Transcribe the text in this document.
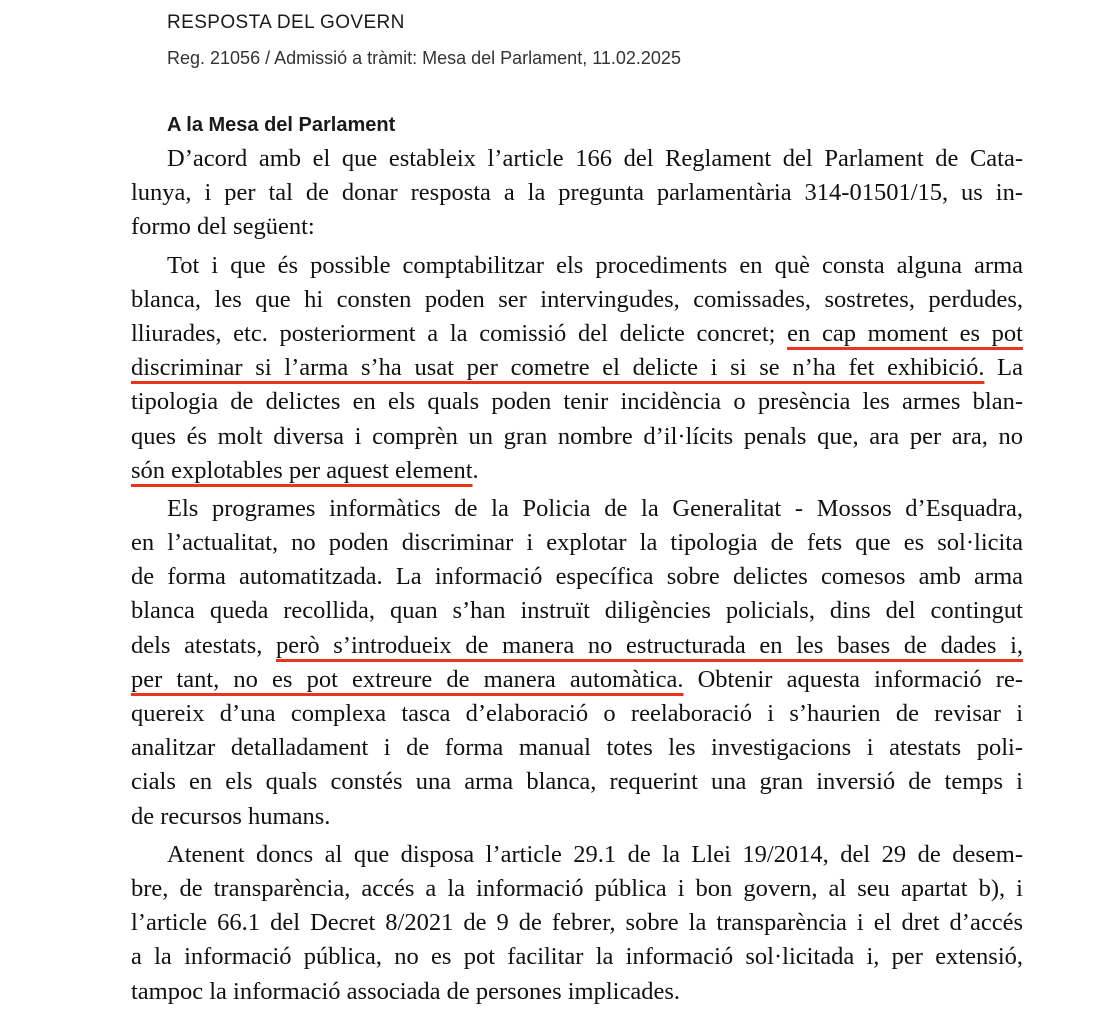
RESPOSTA DEL GOVERN
Reg. 21056 / Admissió a tràmit: Mesa del Parlament, 11.02.2025
A la Mesa del Parlament
D’acord amb el que estableix l’article 166 del Reglament del Parlament de Cata-
lunya, i per tal de donar resposta a la pregunta parlamentària 314-01501/15, us in-
formo del següent:
Tot i que és possible comptabilitzar els procediments en què consta alguna arma
blanca, les que hi consten poden ser intervingudes, comissades, sostretes, perdudes,
lliurades, etc. posteriorment a la comissió del delicte concret; en cap moment es pot
discriminar si l’arma s’ha usat per cometre el delicte i si se n’ha fet exhibició. La
tipologia de delictes en els quals poden tenir incidència o presència les armes blan-
ques és molt diversa i comprèn un gran nombre d’il·lícits penals que, ara per ara, no
són explotables per aquest element.
Els programes informàtics de la Policia de la Generalitat - Mossos d’Esquadra,
en l’actualitat, no poden discriminar i explotar la tipologia de fets que es sol·licita
de forma automatitzada. La informació específica sobre delictes comesos amb arma
blanca queda recollida, quan s’han instruït diligències policials, dins del contingut
dels atestats, però s’introdueix de manera no estructurada en les bases de dades i,
per tant, no es pot extreure de manera automàtica. Obtenir aquesta informació re-
quereix d’una complexa tasca d’elaboració o reelaboració i s’haurien de revisar i
analitzar detalladament i de forma manual totes les investigacions i atestats poli-
cials en els quals constés una arma blanca, requerint una gran inversió de temps i
de recursos humans.
Atenent doncs al que disposa l’article 29.1 de la Llei 19/2014, del 29 de desem-
bre, de transparència, accés a la informació pública i bon govern, al seu apartat b), i
l’article 66.1 del Decret 8/2021 de 9 de febrer, sobre la transparència i el dret d’accés
a la informació pública, no es pot facilitar la informació sol·licitada i, per extensió,
tampoc la informació associada de persones implicades.
